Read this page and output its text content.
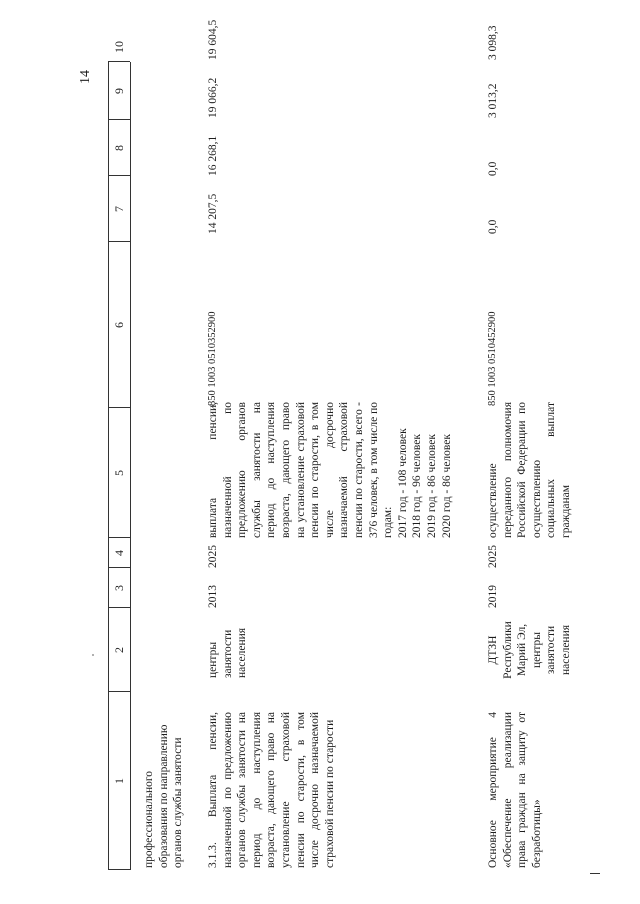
14
1
2
3
4
5
6
7
8
9
10
профессионального образования по направлению органов службы занятости 3.1.3. Выплата пенсии, назначенной по предложению органов службы занятости на период до наступления возраста, дающего право на установление страховой пенсии по старости, в том числе досрочно назначаемой страховой пенсии по старости
центры занятости населения
2013
2025
выплата пенсии, назначенной по предложению органов службы занятости на период до наступления возраста, дающего право на установление страховой пенсии по старости, в том числе досрочно назначаемой страховой пенсии по старости, всего - 376 человек, в том числе по годам: 2017 год - 108 человек 2018 год - 96 человек 2019 год - 86 человек 2020 год - 86 человек
850 1003 0510352900
14 207,5
16 268,1
19 066,2
19 604,5
Основное мероприятие 4 «Обеспечение реализации права граждан на защиту от безработицы»
ДТЗН Республики Марий Эл, центры занятости населения
2019
2025
осуществление переданного полномочия Российской Федерации по осуществлению социальных выплат гражданам
850 1003 0510452900
0,0
0,0
3 013,2
3 098,3
